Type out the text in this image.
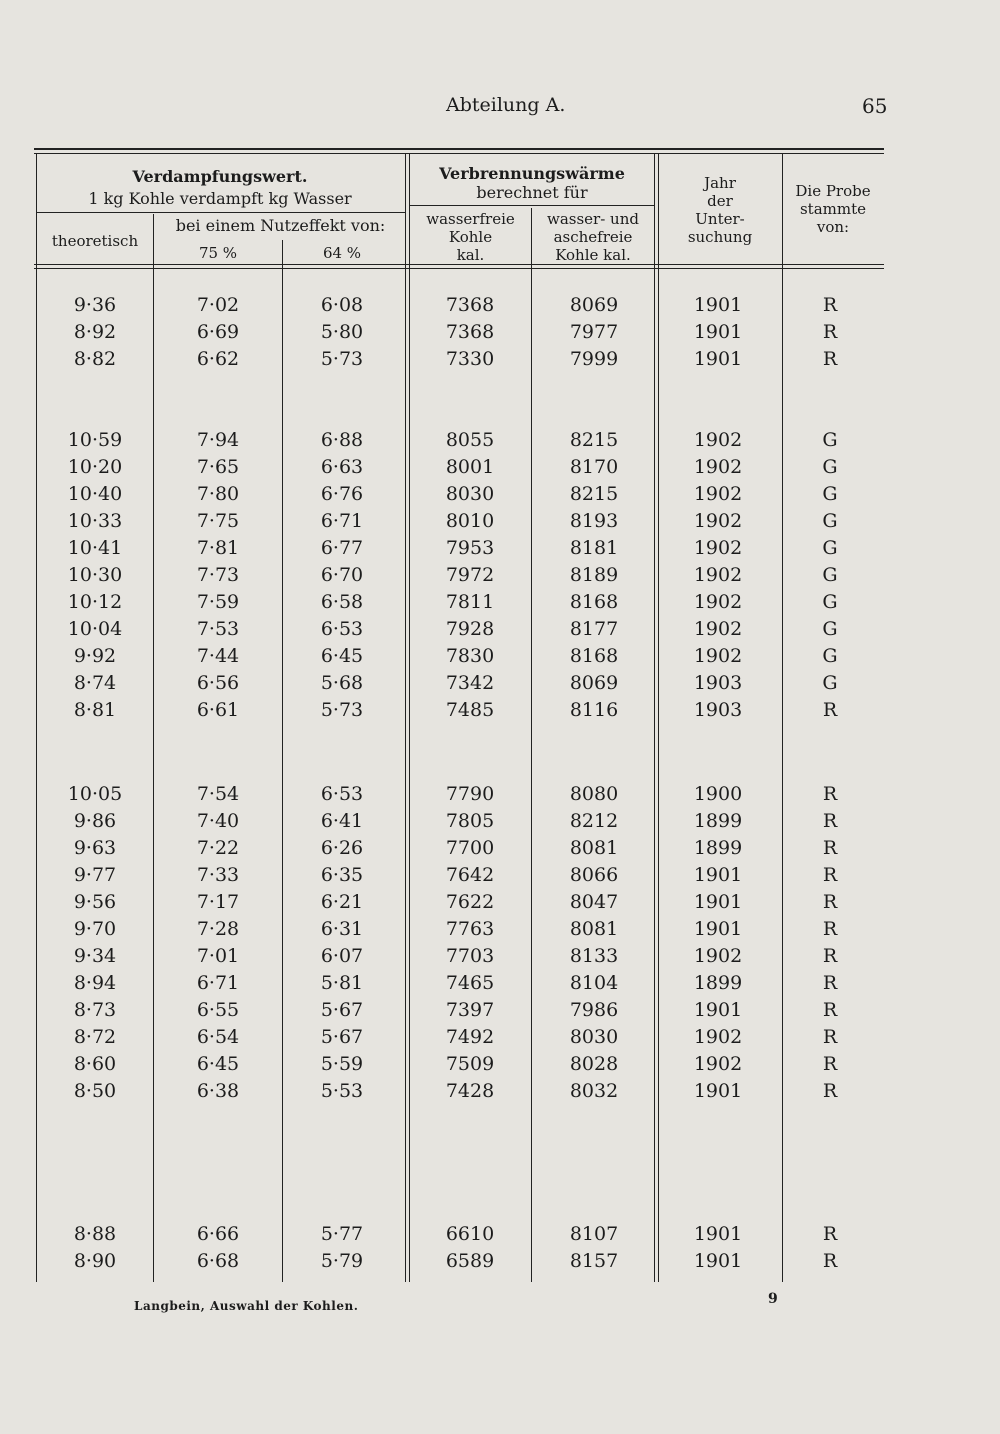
Abteilung A.	65
Verdampfungswert.
1 kg Kohle verdampft kg Wasser
theoretisch
bei einem Nutzeffekt von:
75 %	64 %
Verbrennungswärme
berechnet für
wasserfreie
Kohle
kal.
wasser- und
aschefreie
Kohle kal.
Jahr
der
Unter-
suchung
Die Probe
stammte
von:
9·36	7·02	6·08	7368	8069	1901	R
8·92	6·69	5·80	7368	7977	1901	R
8·82	6·62	5·73	7330	7999	1901	R
10·59	7·94	6·88	8055	8215	1902	G
10·20	7·65	6·63	8001	8170	1902	G
10·40	7·80	6·76	8030	8215	1902	G
10·33	7·75	6·71	8010	8193	1902	G
10·41	7·81	6·77	7953	8181	1902	G
10·30	7·73	6·70	7972	8189	1902	G
10·12	7·59	6·58	7811	8168	1902	G
10·04	7·53	6·53	7928	8177	1902	G
9·92	7·44	6·45	7830	8168	1902	G
8·74	6·56	5·68	7342	8069	1903	G
8·81	6·61	5·73	7485	8116	1903	R
10·05	7·54	6·53	7790	8080	1900	R
9·86	7·40	6·41	7805	8212	1899	R
9·63	7·22	6·26	7700	8081	1899	R
9·77	7·33	6·35	7642	8066	1901	R
9·56	7·17	6·21	7622	8047	1901	R
9·70	7·28	6·31	7763	8081	1901	R
9·34	7·01	6·07	7703	8133	1902	R
8·94	6·71	5·81	7465	8104	1899	R
8·73	6·55	5·67	7397	7986	1901	R
8·72	6·54	5·67	7492	8030	1902	R
8·60	6·45	5·59	7509	8028	1902	R
8·50	6·38	5·53	7428	8032	1901	R
8·88	6·66	5·77	6610	8107	1901	R
8·90	6·68	5·79	6589	8157	1901	R
Langbein, Auswahl der Kohlen.	9
